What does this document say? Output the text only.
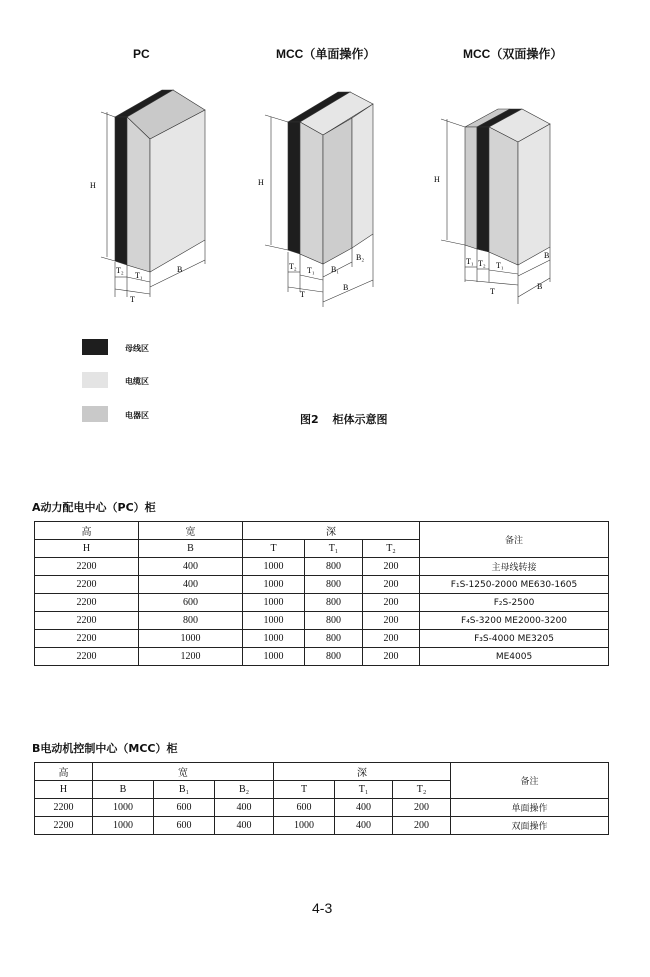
PC	MCC（单面操作）	MCC（双面操作）
H
T₂
T₁
T
B
H
T₂ T₁
T
B₁
B₂
B
H
T₁ T₂ T₁
T
B
B
母线区
电缆区
电器区	图2 柜体示意图
A动力配电中心（PC）柜
高	宽	深			备注
H	B	T	T₁	T₂	
2200	400	1000	800	200	主母线转接
2200	400	1000	800	200	F₁S-1250-2000 ME630-1605
2200	600	1000	800	200	F₂S-2500
2200	800	1000	800	200	F₄S-3200 ME2000-3200
2200	1000	1000	800	200	F₃S-4000 ME3205
2200	1200	1000	800	200	ME4005
B电动机控制中心（MCC）柜
高	宽			深			备注
H	B	B₁	B₂	T	T₁	T₂	
2200	1000	600	400	600	400	200	单面操作
2200	1000	600	400	1000	400	200	双面操作
4-3
